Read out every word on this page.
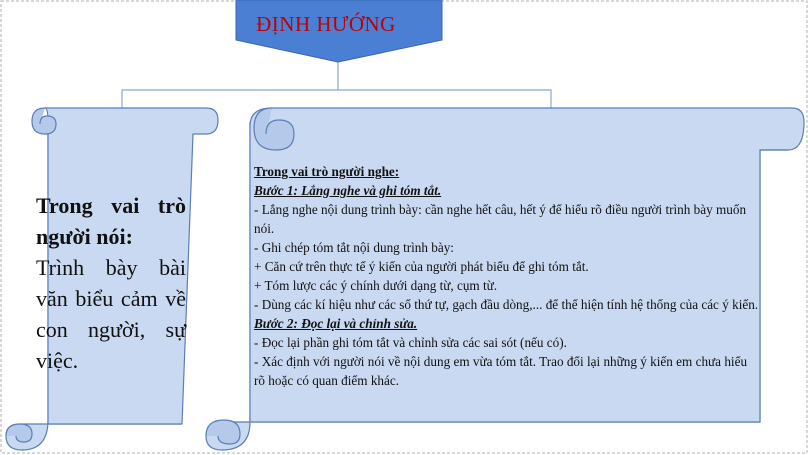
ĐỊNH HƯỚNG
Trong vai trò người nói:
Trình bày bài văn biểu cảm về con người, sự việc.
Trong vai trò người nghe:
Bước 1: Lắng nghe và ghi tóm tắt.
- Lắng nghe nội dung trình bày: cần nghe hết câu, hết ý để hiểu rõ điều người trình bày muốn nói.
- Ghi chép tóm tắt nội dung trình bày:
+ Căn cứ trên thực tế ý kiến của người phát biểu để ghi tóm tắt.
+ Tóm lược các ý chính dưới dạng từ, cụm từ.
- Dùng các kí hiệu như các số thứ tự, gạch đầu dòng,... để thể hiện tính hệ thống của các ý kiến.
Bước 2: Đọc lại và chỉnh sửa.
- Đọc lại phần ghi tóm tắt và chỉnh sửa các sai sót (nếu có).
- Xác định với người nói về nội dung em vừa tóm tắt. Trao đổi lại những ý kiến em chưa hiểu rõ hoặc có quan điểm khác.
